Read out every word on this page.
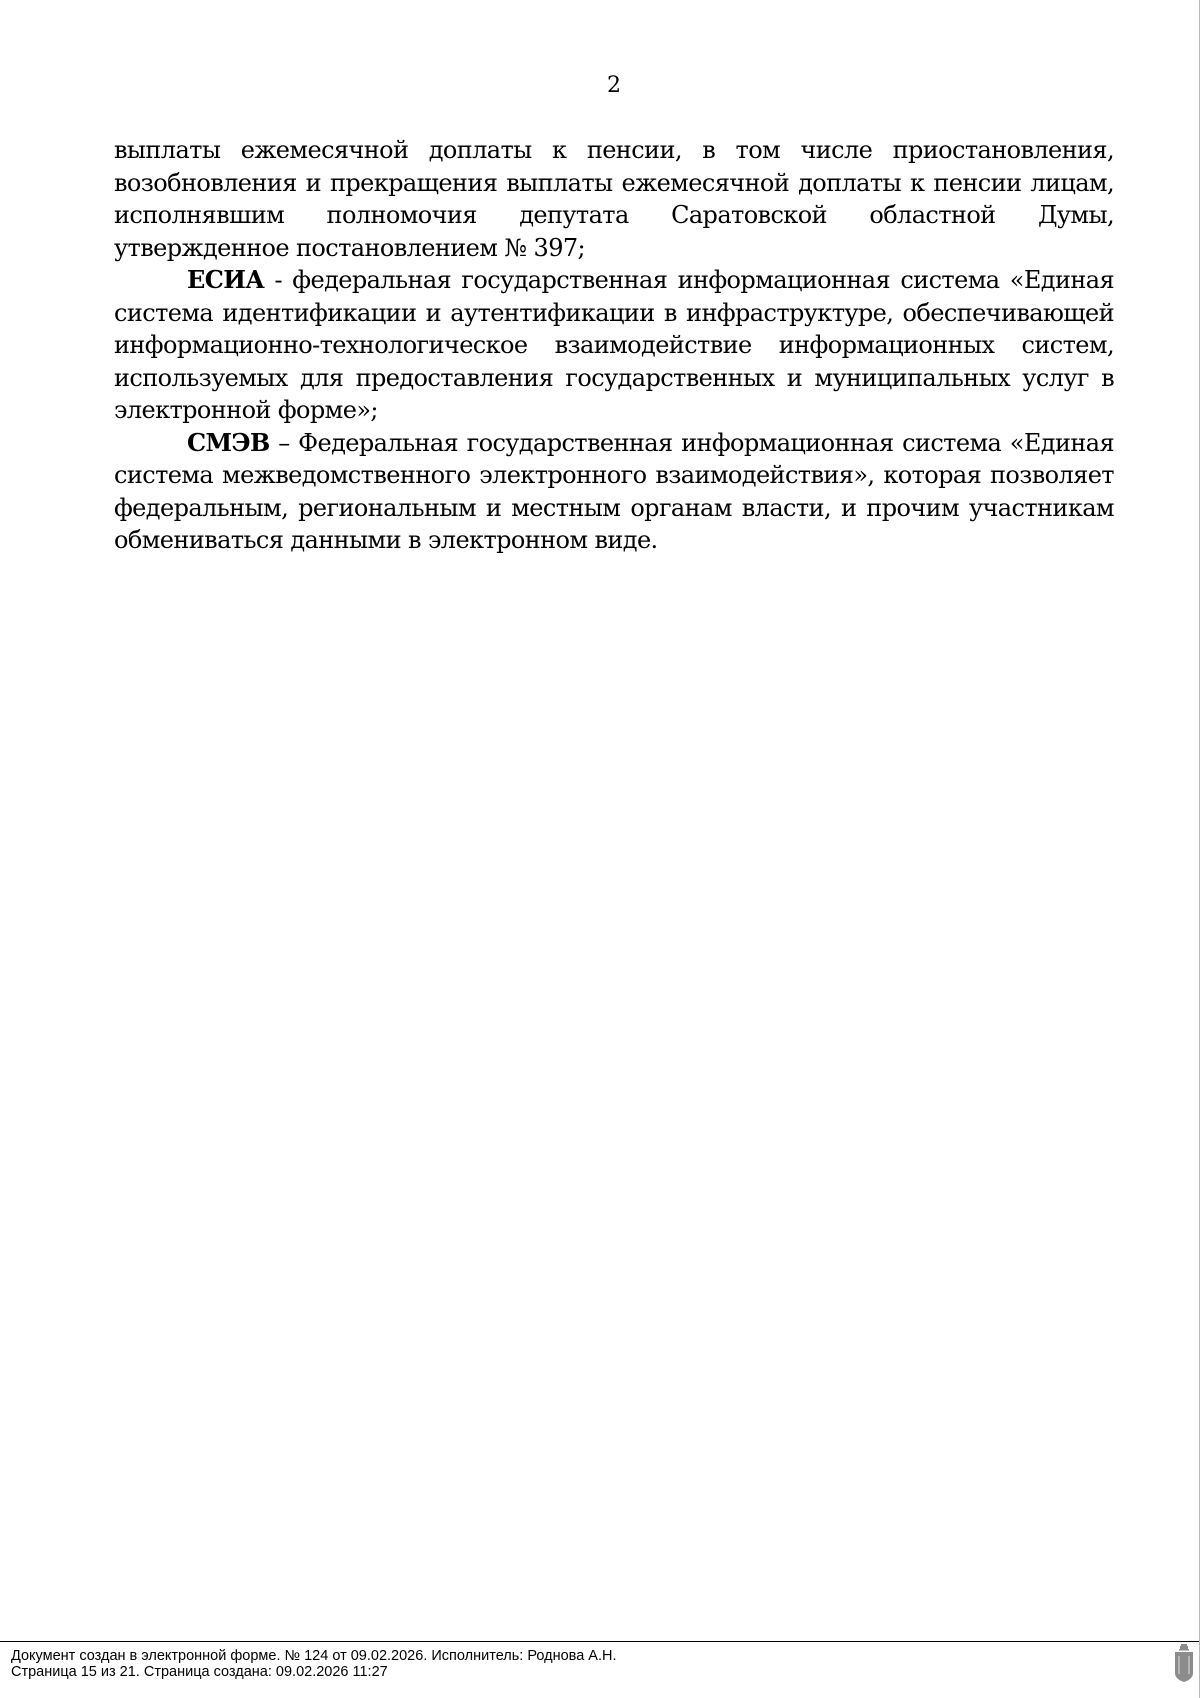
2

выплаты ежемесячной доплаты к пенсии, в том числе приостановления, возобновления и прекращения выплаты ежемесячной доплаты к пенсии лицам, исполнявшим полномочия депутата Саратовской областной Думы, утвержденное постановлением № 397;

ЕСИА - федеральная государственная информационная система «Единая система идентификации и аутентификации в инфраструктуре, обеспечивающей информационно-технологическое взаимодействие информационных систем, используемых для предоставления государственных и муниципальных услуг в электронной форме»;

СМЭВ – Федеральная государственная информационная система «Единая система межведомственного электронного взаимодействия», которая позволяет федеральным, региональным и местным органам власти, и прочим участникам обмениваться данными в электронном виде.

Документ создан в электронной форме. № 124 от 09.02.2026. Исполнитель: Роднова А.Н.
Страница 15 из 21. Страница создана: 09.02.2026 11:27
